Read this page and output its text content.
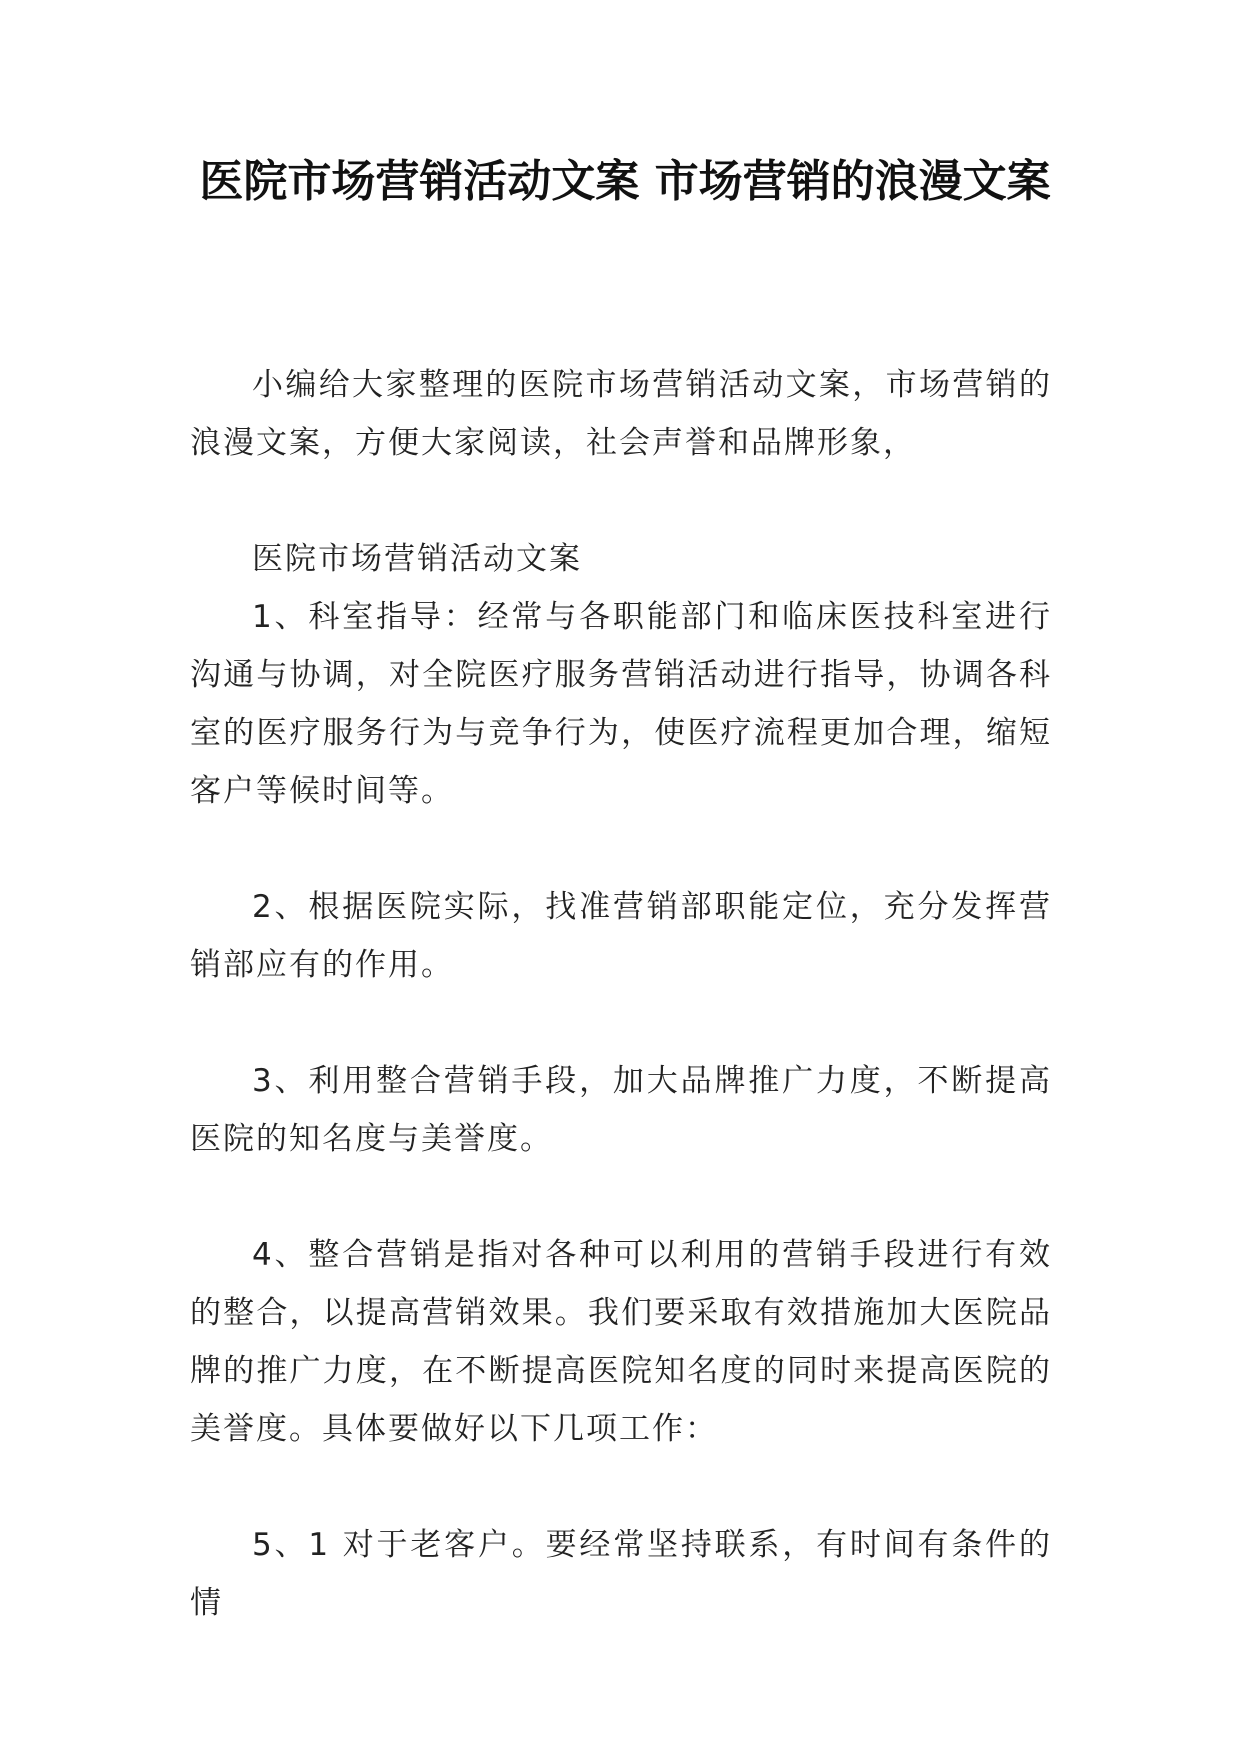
医院市场营销活动文案 市场营销的浪漫文案

小编给大家整理的医院市场营销活动文案，市场营销的浪漫文案，方便大家阅读，社会声誉和品牌形象，

医院市场营销活动文案

1、科室指导：经常与各职能部门和临床医技科室进行沟通与协调，对全院医疗服务营销活动进行指导，协调各科室的医疗服务行为与竞争行为，使医疗流程更加合理，缩短客户等候时间等。

2、根据医院实际，找准营销部职能定位，充分发挥营销部应有的作用。

3、利用整合营销手段，加大品牌推广力度，不断提高医院的知名度与美誉度。

4、整合营销是指对各种可以利用的营销手段进行有效的整合，以提高营销效果。我们要采取有效措施加大医院品牌的推广力度，在不断提高医院知名度的同时来提高医院的美誉度。具体要做好以下几项工作：

5、1 对于老客户。要经常坚持联系，有时间有条件的情
